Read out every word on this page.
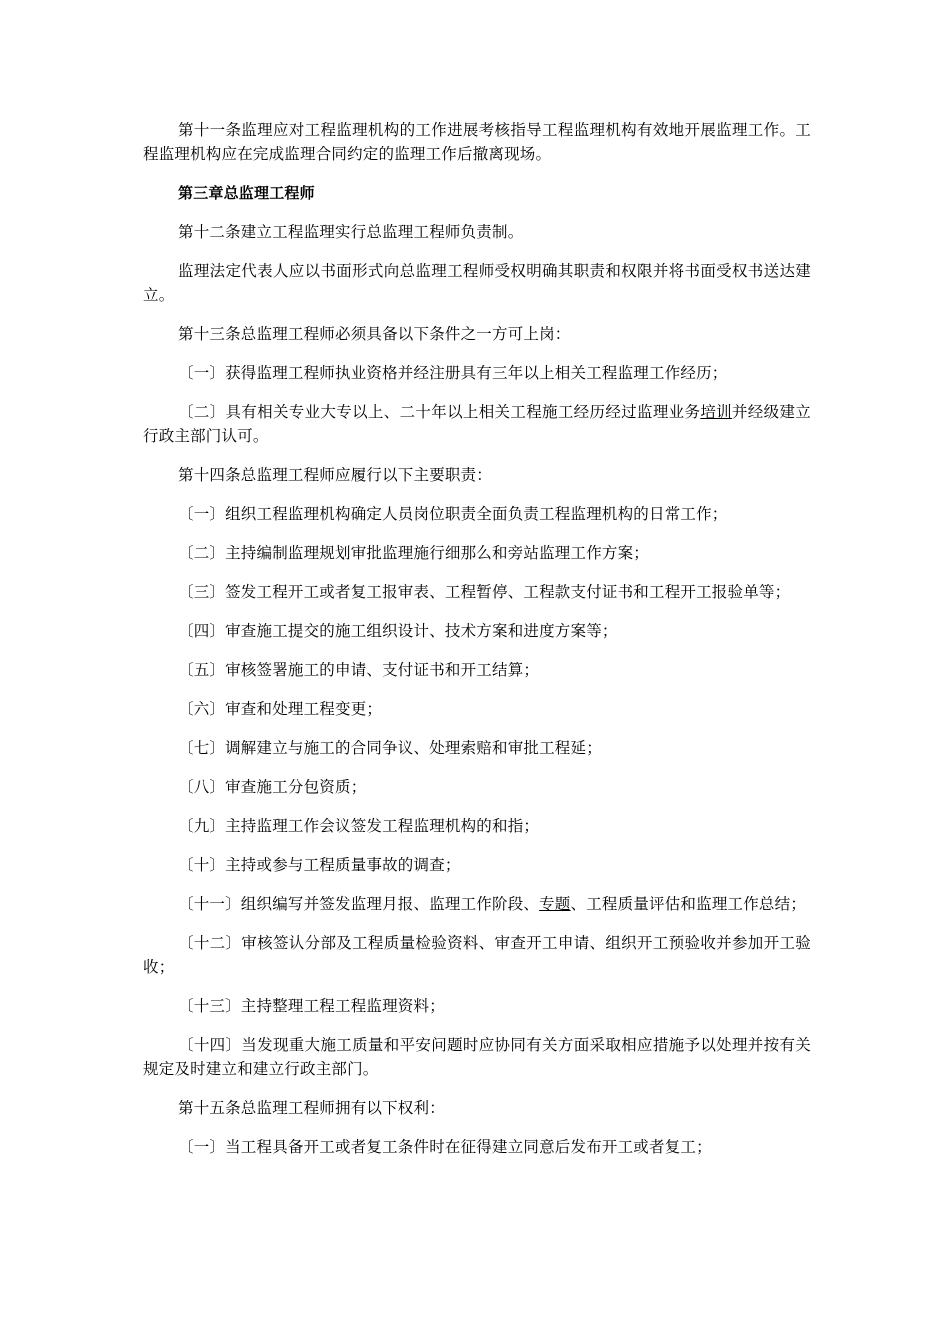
第十一条监理应对工程监理机构的工作进展考核指导工程监理机构有效地开展监理工作。工程监理机构应在完成监理合同约定的监理工作后撤离现场。

第三章总监理工程师

第十二条建立工程监理实行总监理工程师负责制。

监理法定代表人应以书面形式向总监理工程师受权明确其职责和权限并将书面受权书送达建立。

第十三条总监理工程师必须具备以下条件之一方可上岗：

〔一〕获得监理工程师执业资格并经注册具有三年以上相关工程监理工作经历；

〔二〕具有相关专业大专以上、二十年以上相关工程施工经历经过监理业务培训并经级建立行政主部门认可。

第十四条总监理工程师应履行以下主要职责：

〔一〕组织工程监理机构确定人员岗位职责全面负责工程监理机构的日常工作；

〔二〕主持编制监理规划审批监理施行细那么和旁站监理工作方案；

〔三〕签发工程开工或者复工报审表、工程暂停、工程款支付证书和工程开工报验单等；

〔四〕审查施工提交的施工组织设计、技术方案和进度方案等；

〔五〕审核签署施工的申请、支付证书和开工结算；

〔六〕审查和处理工程变更；

〔七〕调解建立与施工的合同争议、处理索赔和审批工程延；

〔八〕审查施工分包资质；

〔九〕主持监理工作会议签发工程监理机构的和指；

〔十〕主持或参与工程质量事故的调查；

〔十一〕组织编写并签发监理月报、监理工作阶段、专题、工程质量评估和监理工作总结；

〔十二〕审核签认分部及工程质量检验资料、审查开工申请、组织开工预验收并参加开工验收；

〔十三〕主持整理工程工程监理资料；

〔十四〕当发现重大施工质量和平安问题时应协同有关方面采取相应措施予以处理并按有关规定及时建立和建立行政主部门。

第十五条总监理工程师拥有以下权利：

〔一〕当工程具备开工或者复工条件时在征得建立同意后发布开工或者复工；
